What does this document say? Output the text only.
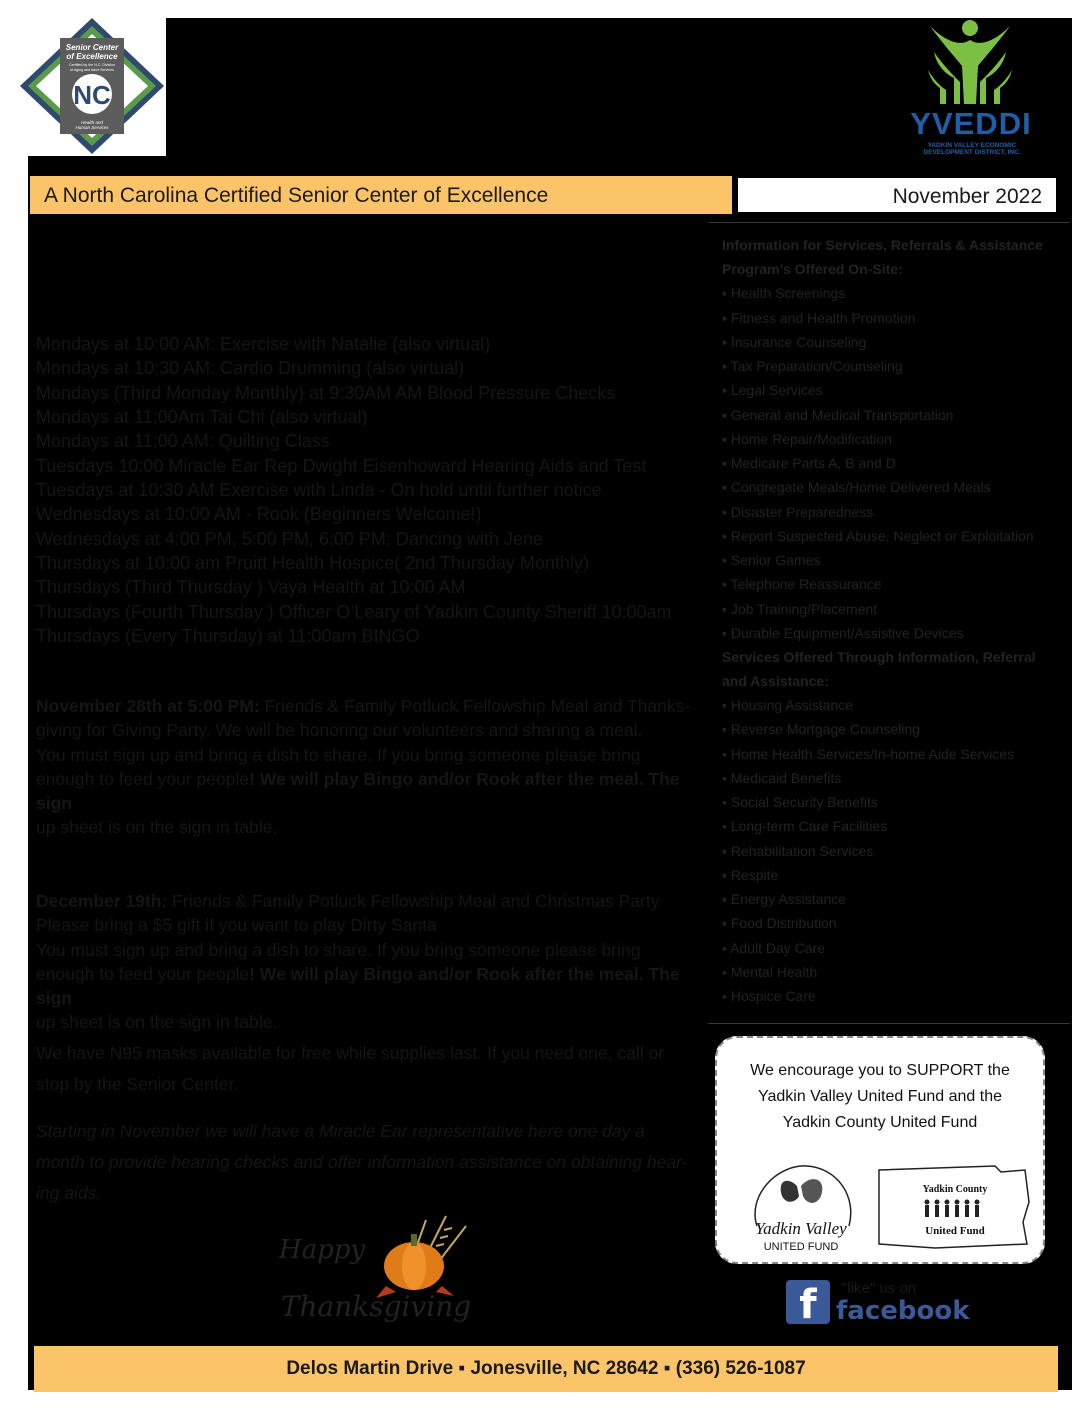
Senior Center
of Excellence
Certified by the N.C. Division
of Aging and Adult Services
NC
Health and
Human Services	YVEDDI
YADKIN VALLEY ECONOMIC DEVELOPMENT DISTRICT, INC.
A North Carolina Certified Senior Center of Excellence	November 2022
Mondays at 10:00 AM: Exercise with Natalie (also virtual)
Mondays at 10:30 AM: Cardio Drumming (also virtual)
Mondays (Third Monday Monthly) at 9:30AM AM Blood Pressure Checks
Mondays at 11:00Am Tai Chi (also virtual)
Mondays at 11:00 AM: Quilting Class
Tuesdays 10:00 Miracle Ear Rep Dwight Eisenhoward Hearing Aids and Test
Tuesdays at 10:30 AM Exercise with Linda - On hold until further notice
Wednesdays at 10:00 AM - Rook (Beginners Welcome!)
Wednesdays at 4:00 PM, 5:00 PM, 6:00 PM: Dancing with Jene
Thursdays at 10:00 am Pruitt Health Hospice( 2nd Thursday Monthly)
Thursdays (Third Thursday ) Vaya Health at 10:00 AM
Thursdays (Fourth Thursday ) Officer O’Leary of Yadkin County Sheriff 10:00am
Thursdays (Every Thursday) at 11:00am BINGO
November 28th at 5:00 PM: Friends & Family Potluck Fellowship Meal and Thanks-
giving for Giving Party. We will be honoring our volunteers and sharing a meal.
You must sign up and bring a dish to share. If you bring someone please bring
enough to feed your people! We will play Bingo and/or Rook after the meal. The sign
up sheet is on the sign in table.
December 19th: Friends & Family Potluck Fellowship Meal and Christmas Party
Please bring a $5 gift if you want to play Dirty Santa
You must sign up and bring a dish to share. If you bring someone please bring
enough to feed your people! We will play Bingo and/or Rook after the meal. The sign
up sheet is on the sign in table.
We have N95 masks available for free while supplies last. If you need one, call or
stop by the Senior Center.
Starting in November we will have a Miracle Ear representative here one day a
month to provide hearing checks and offer information assistance on obtaining hear-
ing aids.
Information for Services, Referrals & Assistance
Program’s Offered On-Site:
▪ Health Screenings
▪ Fitness and Health Promotion
▪ Insurance Counseling
▪ Tax Preparation/Counseling
▪ Legal Services
▪ General and Medical Transportation
▪ Home Repair/Modification
▪ Medicare Parts A, B and D
▪ Congregate Meals/Home Delivered Meals
▪ Disaster Preparedness
▪ Report Suspected Abuse, Neglect or Exploitation
▪ Senior Games
▪ Telephone Reassurance
▪ Job Training/Placement
▪ Durable Equipment/Assistive Devices
Services Offered Through Information, Referral
and Assistance:
▪ Housing Assistance
▪ Reverse Mortgage Counseling
▪ Home Health Services/In-home Aide Services
▪ Medicaid Benefits
▪ Social Security Benefits
▪ Long-term Care Facilities
▪ Rehabilitation Services
▪ Respite
▪ Energy Assistance
▪ Food Distribution
▪ Adult Day Care
▪ Mental Health
▪ Hospice Care
We encourage you to SUPPORT the
Yadkin Valley United Fund and the
Yadkin County United Fund
Yadkin Valley
UNITED FUND
Yadkin County
United Fund
f	"like" us on
facebook
Happy
Thanksgiving
Delos Martin Drive ▪ Jonesville, NC 28642 ▪ (336) 526-1087
